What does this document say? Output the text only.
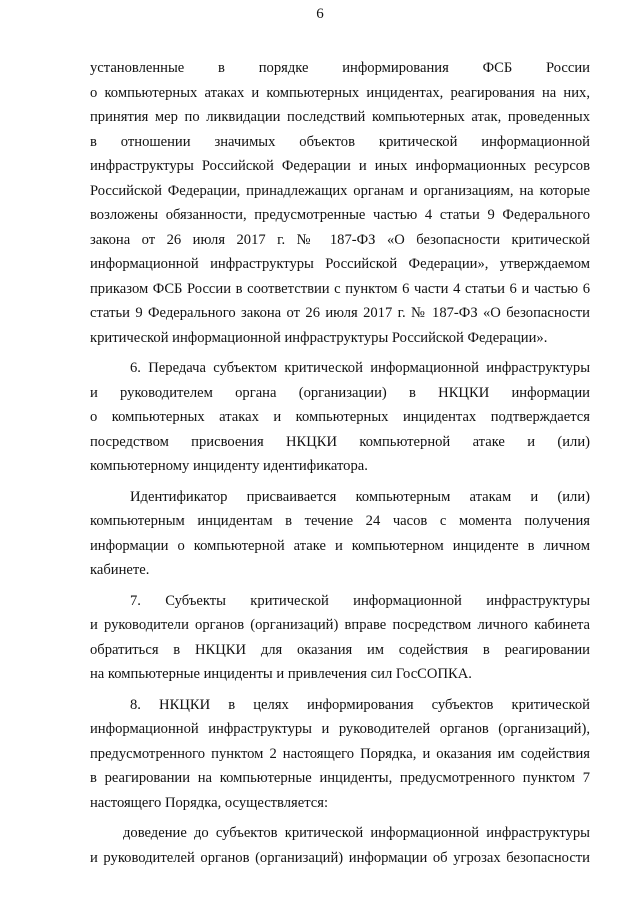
6
установленные в порядке информирования ФСБ России
о компьютерных атаках и компьютерных инцидентах, реагирования на них,
принятия мер по ликвидации последствий компьютерных атак, проведенных
в отношении значимых объектов критической информационной
инфраструктуры Российской Федерации и иных информационных ресурсов
Российской Федерации, принадлежащих органам и организациям, на которые
возложены обязанности, предусмотренные частью 4 статьи 9 Федерального
закона от 26 июля 2017 г. № 187-ФЗ «О безопасности критической
информационной инфраструктуры Российской Федерации», утверждаемом
приказом ФСБ России в соответствии с пунктом 6 части 4 статьи 6 и частью 6
статьи 9 Федерального закона от 26 июля 2017 г. № 187-ФЗ «О безопасности
критической информационной инфраструктуры Российской Федерации».
6. Передача субъектом критической информационной инфраструктуры
и руководителем органа (организации) в НКЦКИ информации
о компьютерных атаках и компьютерных инцидентах подтверждается
посредством присвоения НКЦКИ компьютерной атаке и (или)
компьютерному инциденту идентификатора.
Идентификатор присваивается компьютерным атакам и (или)
компьютерным инцидентам в течение 24 часов с момента получения
информации о компьютерной атаке и компьютерном инциденте в личном
кабинете.
7. Субъекты критической информационной инфраструктуры
и руководители органов (организаций) вправе посредством личного кабинета
обратиться в НКЦКИ для оказания им содействия в реагировании
на компьютерные инциденты и привлечения сил ГосСОПКА.
8. НКЦКИ в целях информирования субъектов критической
информационной инфраструктуры и руководителей органов (организаций),
предусмотренного пунктом 2 настоящего Порядка, и оказания им содействия
в реагировании на компьютерные инциденты, предусмотренного пунктом 7
настоящего Порядка, осуществляется:
доведение до субъектов критической информационной инфраструктуры
и руководителей органов (организаций) информации об угрозах безопасности
